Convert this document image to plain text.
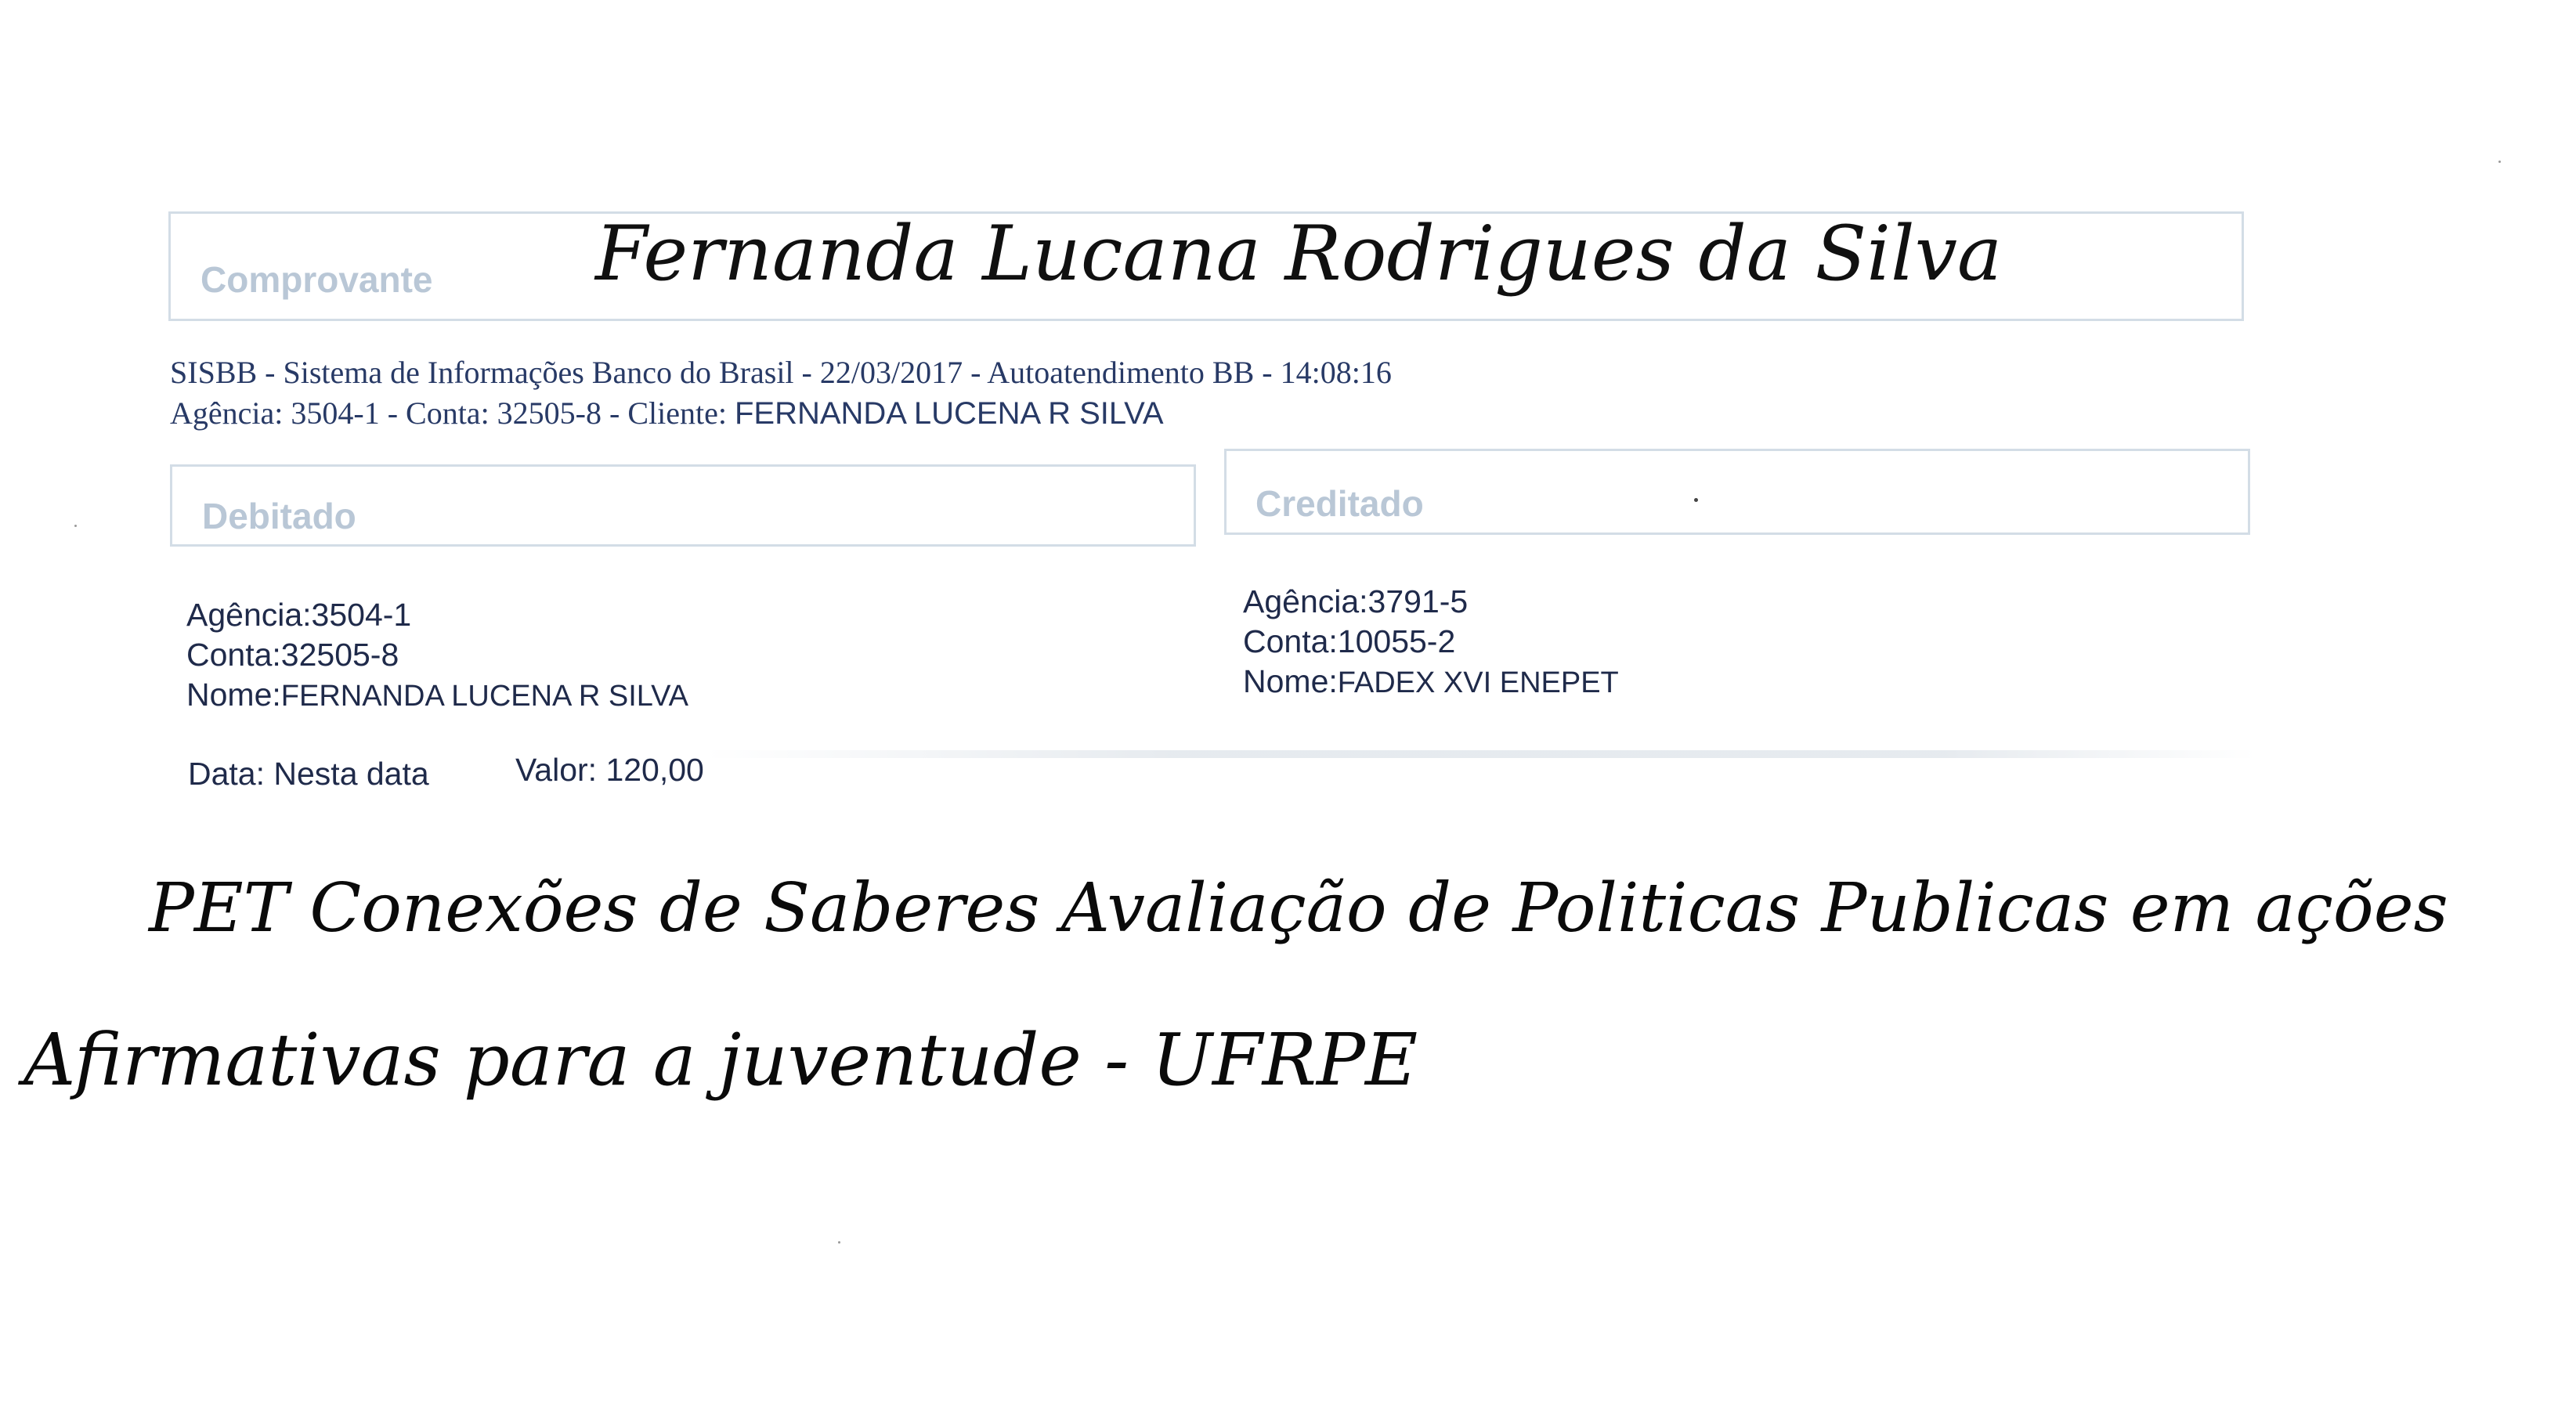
Comprovante Fernanda Lucana Rodrigues da Silva
SISBB - Sistema de Informações Banco do Brasil - 22/03/2017 - Autoatendimento BB - 14:08:16
Agência: 3504-1 - Conta: 32505-8 - Cliente: FERNANDA LUCENA R SILVA
Debitado	Creditado
Agência:3504-1
Conta:32505-8
Nome:FERNANDA LUCENA R SILVA
Agência:3791-5
Conta:10055-2
Nome:FADEX XVI ENEPET
Data: Nesta data	Valor: 120,00
PET Conexões de Saberes Avaliação de Politicas Publicas em ações
Afirmativas para a juventude - UFRPE
